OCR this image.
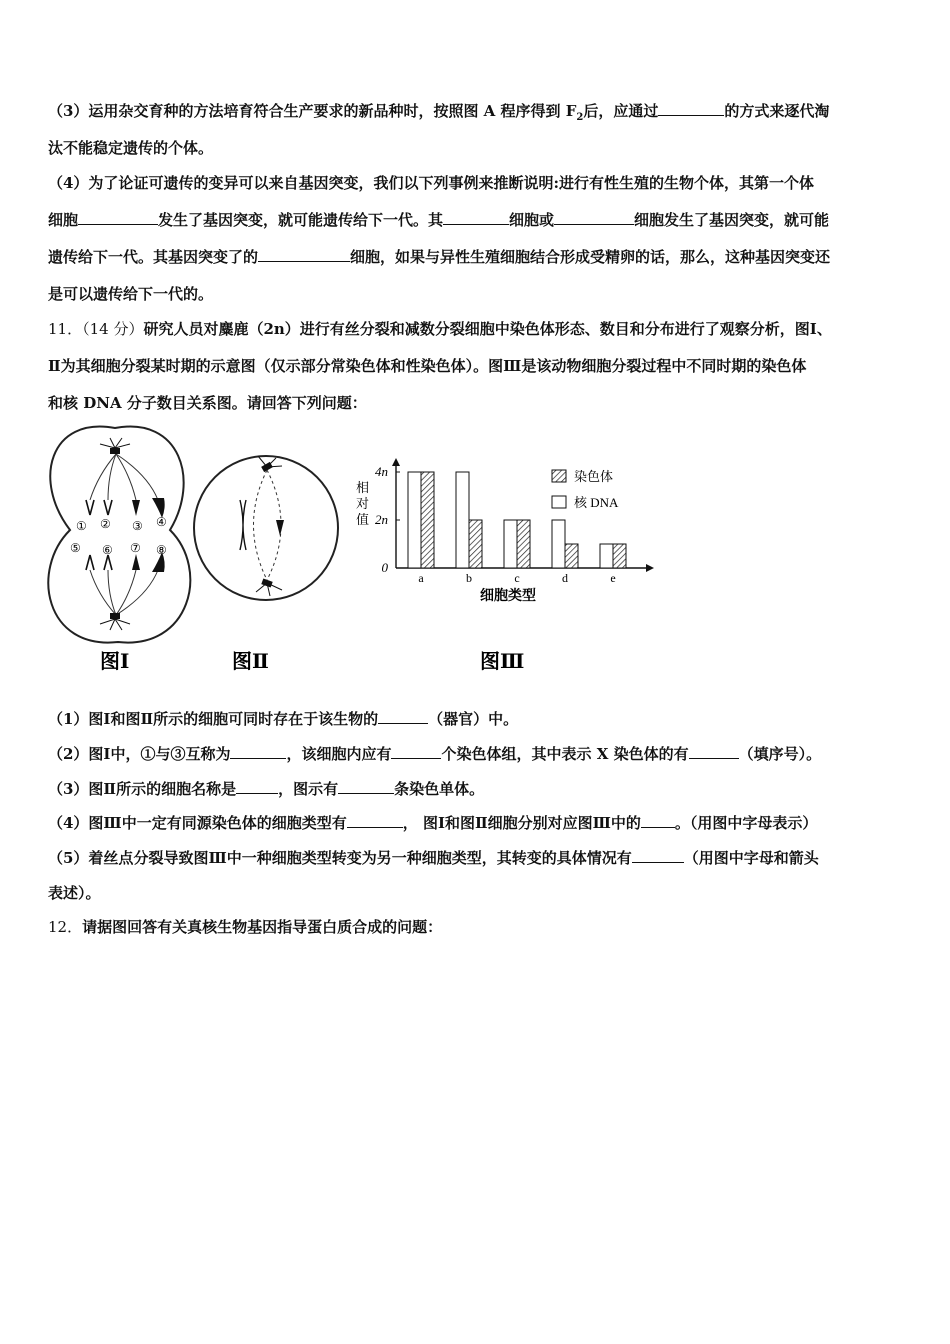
（3）运用杂交育种的方法培育符合生产要求的新品种时，按照图 A 程序得到 $F_2$后，应通过	的方式来逐代淘
汰不能稳定遗传的个体。
（4）为了论证可遗传的变异可以来自基因突变，我们以下列事例来推断说明:进行有性生殖的生物个体，其第一个体
细胞	发生了基因突变，就可能遗传给下一代。其	细胞或	细胞发生了基因突变，就可能
遗传给下一代。其基因突变了的	细胞，如果与异性生殖细胞结合形成受精卵的话，那么，这种基因突变还
是可以遗传给下一代的。
11．（14 分）研究人员对麋鹿（2n）进行有丝分裂和减数分裂细胞中染色体形态、数目和分布进行了观察分析，图Ⅰ、
Ⅱ为其细胞分裂某时期的示意图（仅示部分常染色体和性染色体）。图Ⅲ是该动物细胞分裂过程中不同时期的染色体
和核 DNA 分子数目关系图。请回答下列问题：
① ② ③ ④
⑤ ⑥ ⑦ ⑧
图Ⅰ	图Ⅱ
相
对
值
0
2n
4n
a	b	c	d	e
细胞类型
染色体
核 DNA
图Ⅲ
（1）图Ⅰ和图Ⅱ所示的细胞可同时存在于该生物的	（器官）中。
（2）图Ⅰ中，①与③互称为	，该细胞内应有	个染色体组，其中表示 X 染色体的有	（填序号）。
（3）图Ⅱ所示的细胞名称是	，图示有	条染色单体。
（4）图Ⅲ中一定有同源染色体的细胞类型有	， 图Ⅰ和图Ⅱ细胞分别对应图Ⅲ中的 。（用图中字母表示）
（5）着丝点分裂导致图Ⅲ中一种细胞类型转变为另一种细胞类型，其转变的具体情况有	（用图中字母和箭头
表述）。
12．请据图回答有关真核生物基因指导蛋白质合成的问题：
